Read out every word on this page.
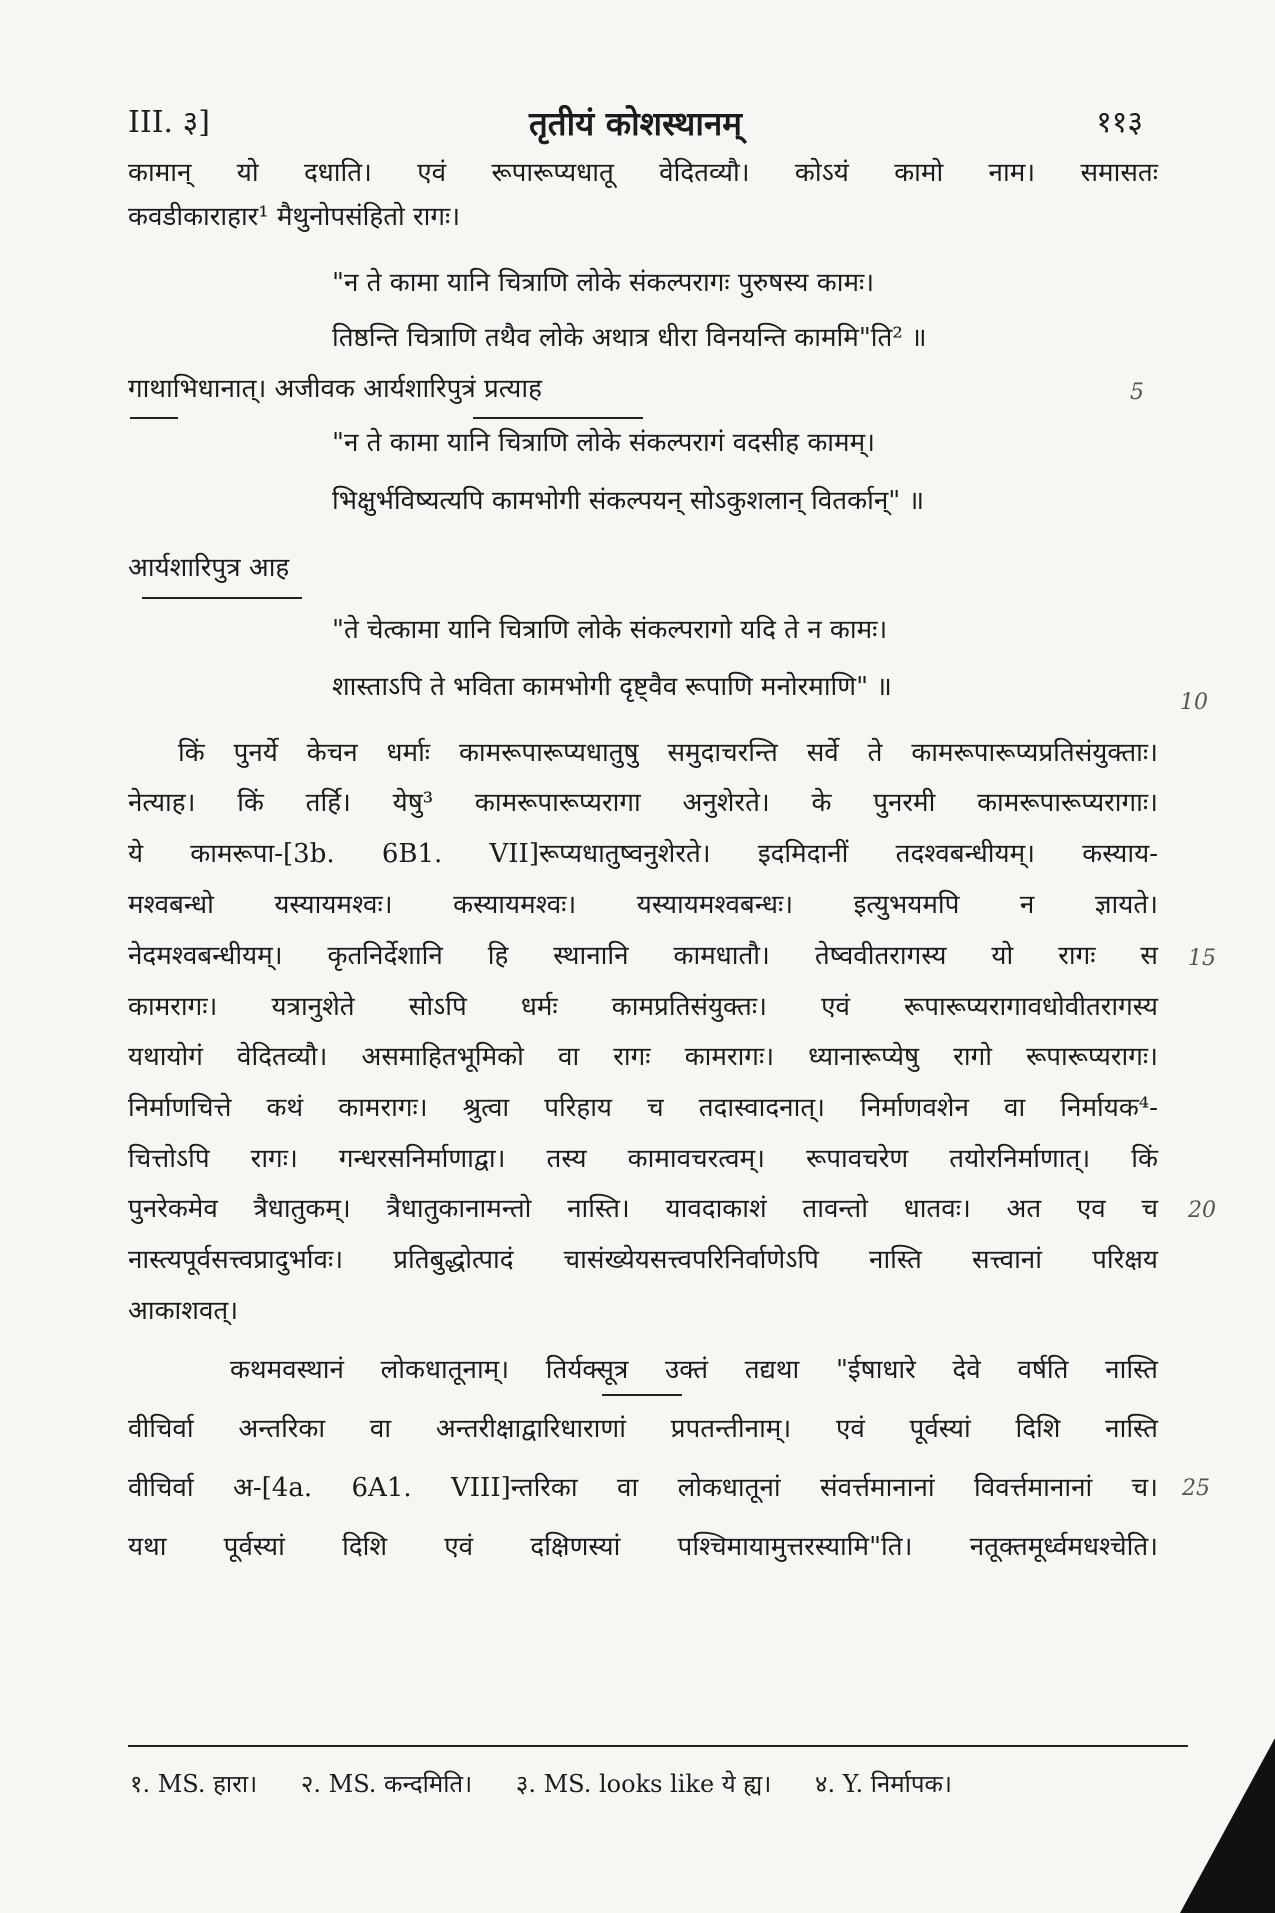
III. ३]	तृतीयं कोशस्थानम्	११३
कामान् यो दधाति। एवं रूपारूप्यधातू वेदितव्यौ। कोऽयं कामो नाम। समासतः
कवडीकाराहार¹ मैथुनोपसंहितो रागः।
"न ते कामा यानि चित्राणि लोके संकल्परागः पुरुषस्य कामः।
तिष्ठन्ति चित्राणि तथैव लोके अथात्र धीरा विनयन्ति काममि"ति² ॥
गाथाभिधानात्। अजीवक आर्यशारिपुत्रं प्रत्याह	5
"न ते कामा यानि चित्राणि लोके संकल्परागं वदसीह कामम्।
भिक्षुर्भविष्यत्यपि कामभोगी संकल्पयन् सोऽकुशलान् वितर्कान्" ॥
आर्यशारिपुत्र आह
"ते चेत्कामा यानि चित्राणि लोके संकल्परागो यदि ते न कामः।
शास्ताऽपि ते भविता कामभोगी दृष्ट्वैव रूपाणि मनोरमाणि" ॥
10
किं पुनर्ये केचन धर्माः कामरूपारूप्यधातुषु समुदाचरन्ति सर्वे ते कामरूपारूप्यप्रतिसंयुक्ताः।
नेत्याह। किं तर्हि। येषु³ कामरूपारूप्यरागा अनुशेरते। के पुनरमी कामरूपारूप्यरागाः।
ये कामरूपा-[3b. 6B1. VII]रूप्यधातुष्वनुशेरते। इदमिदानीं तदश्वबन्धीयम्। कस्याय-
मश्वबन्धो यस्यायमश्वः। कस्यायमश्वः। यस्यायमश्वबन्धः। इत्युभयमपि न ज्ञायते।
नेदमश्वबन्धीयम्। कृतनिर्देशानि हि स्थानानि कामधातौ। तेष्ववीतरागस्य यो रागः स 15
कामरागः। यत्रानुशेते सोऽपि धर्मः कामप्रतिसंयुक्तः। एवं रूपारूप्यरागावधोवीतरागस्य
यथायोगं वेदितव्यौ। असमाहितभूमिको वा रागः कामरागः। ध्यानारूप्येषु रागो रूपारूप्यरागः।
निर्माणचित्ते कथं कामरागः। श्रुत्वा परिहाय च तदास्वादनात्। निर्माणवशेन वा निर्मायक⁴-
चित्तोऽपि रागः। गन्धरसनिर्माणाद्वा। तस्य कामावचरत्वम्। रूपावचरेण तयोरनिर्माणात्। किं
पुनरेकमेव त्रैधातुकम्। त्रैधातुकानामन्तो नास्ति। यावदाकाशं तावन्तो धातवः। अत एव च 20
नास्त्यपूर्वसत्त्वप्रादुर्भावः। प्रतिबुद्धोत्पादं चासंख्येयसत्त्वपरिनिर्वाणेऽपि नास्ति सत्त्वानां परिक्षय
आकाशवत्।
कथमवस्थानं लोकधातूनाम्। तिर्यक्सूत्र उक्तं तद्यथा "ईषाधारे देवे वर्षति नास्ति
वीचिर्वा अन्तरिका वा अन्तरीक्षाद्वारिधाराणां प्रपतन्तीनाम्। एवं पूर्वस्यां दिशि नास्ति
वीचिर्वा अ-[4a. 6A1. VIII]न्तरिका वा लोकधातूनां संवर्त्तमानानां विवर्त्तमानानां च। 25
यथा पूर्वस्यां दिशि एवं दक्षिणस्यां पश्चिमायामुत्तरस्यामि"ति। नतूक्तमूर्ध्वमधश्चेति।
१. MS. हारा। २. MS. कन्दमिति। ३. MS. looks like ये ह्य। ४. Y. निर्मापक।
